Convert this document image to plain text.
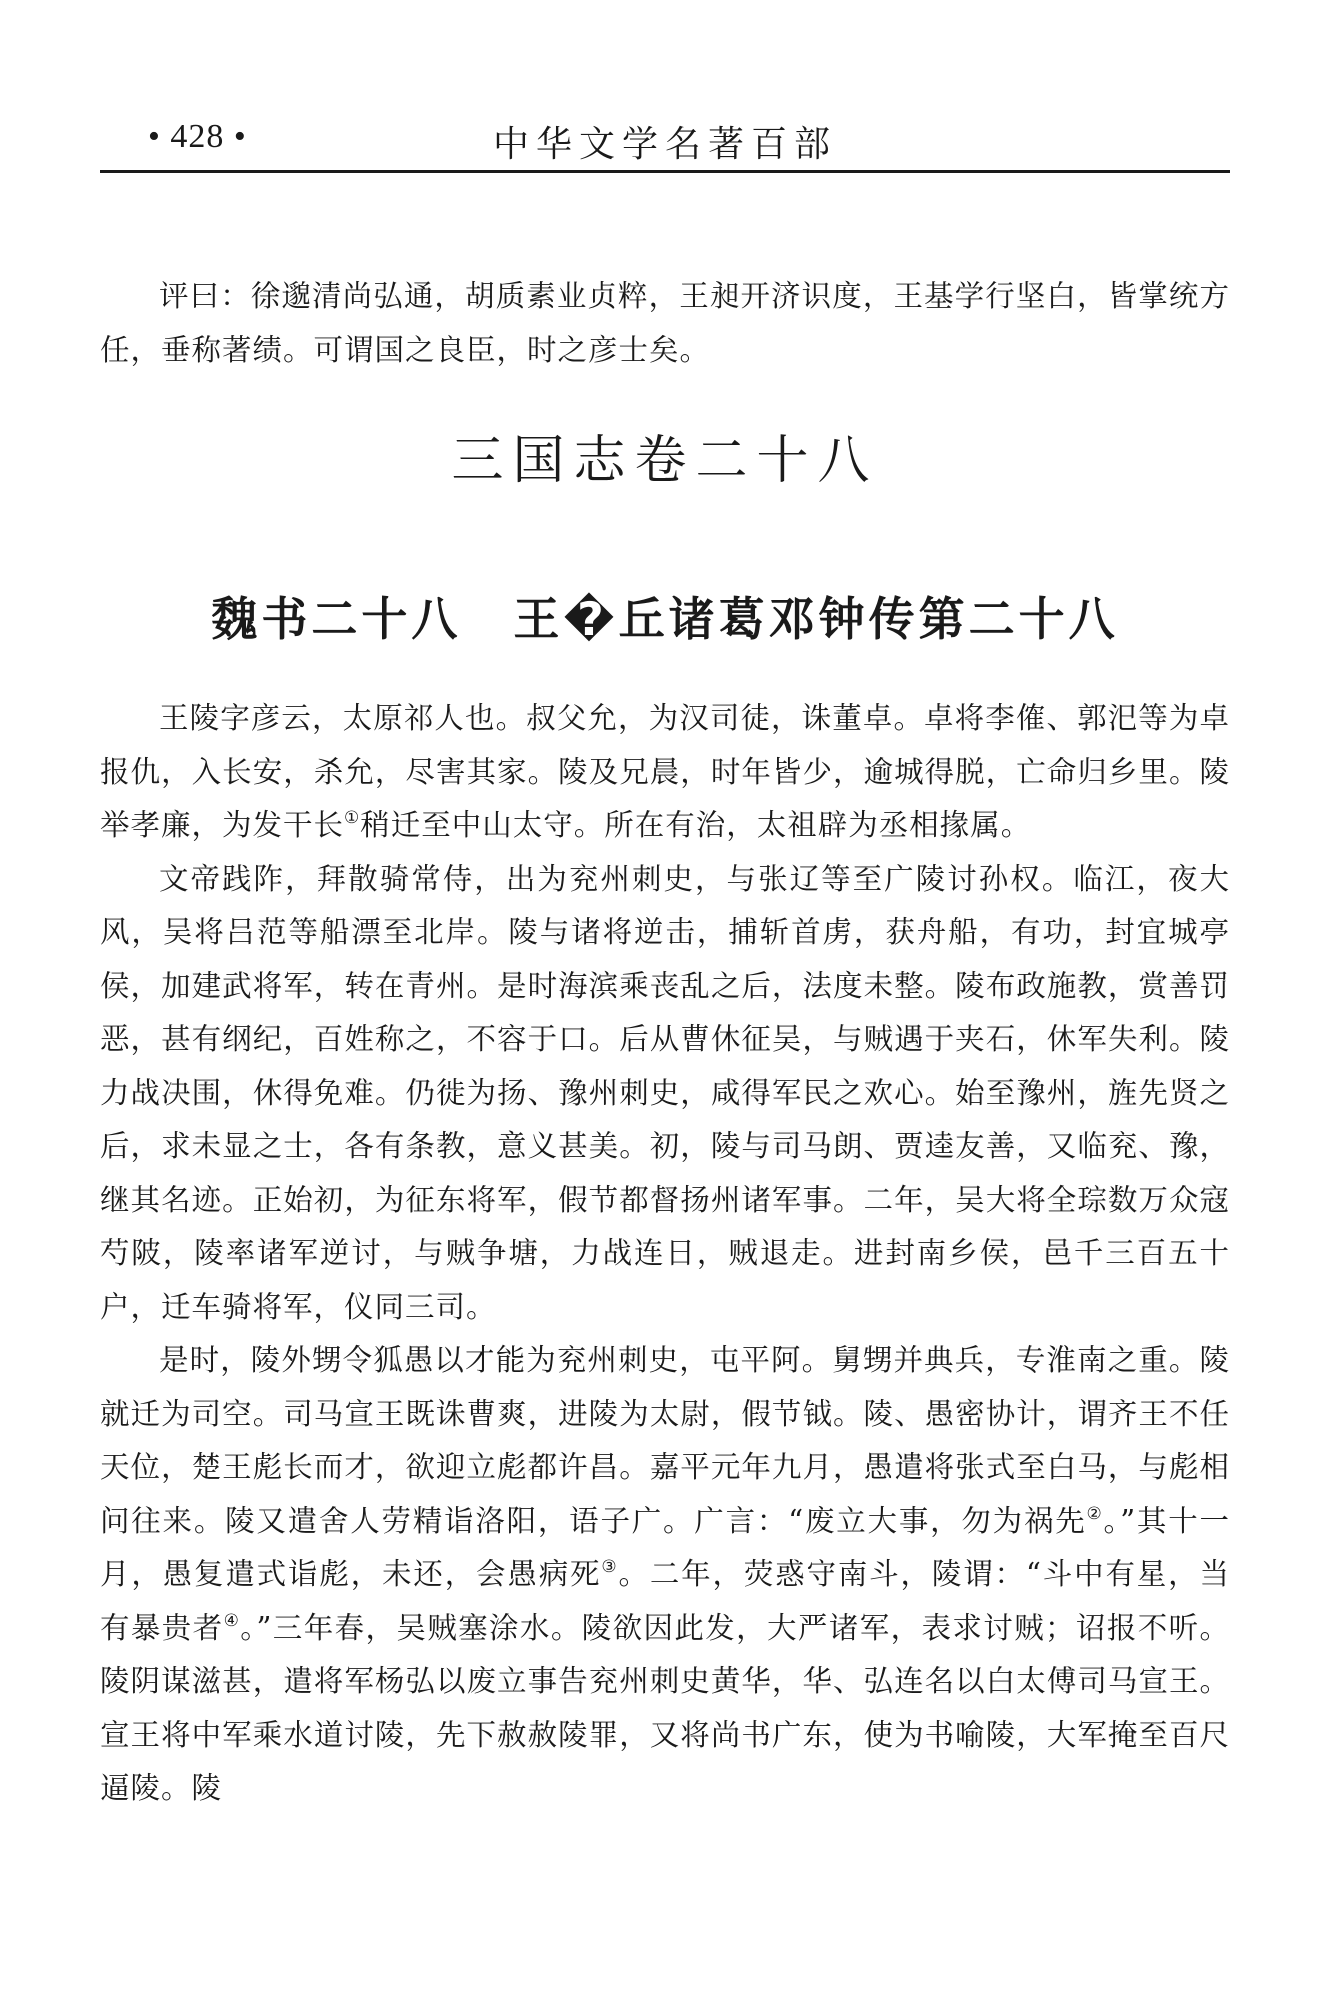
• 428 •	中华文学名著百部

评曰：徐邈清尚弘通，胡质素业贞粹，王昶开济识度，王基学行坚白，皆掌统方任，垂称著绩。可谓国之良臣，时之彦士矣。

三国志卷二十八
魏书二十八 王�丘诸葛邓钟传第二十八

王陵字彦云，太原祁人也。叔父允，为汉司徒，诛董卓。卓将李傕、郭汜等为卓报仇，入长安，杀允，尽害其家。陵及兄晨，时年皆少，逾城得脱，亡命归乡里。陵举孝廉，为发干长①稍迁至中山太守。所在有治，太祖辟为丞相掾属。

文帝践阼，拜散骑常侍，出为兖州刺史，与张辽等至广陵讨孙权。临江，夜大风，吴将吕范等船漂至北岸。陵与诸将逆击，捕斩首虏，获舟船，有功，封宜城亭侯，加建武将军，转在青州。是时海滨乘丧乱之后，法度未整。陵布政施教，赏善罚恶，甚有纲纪，百姓称之，不容于口。后从曹休征吴，与贼遇于夹石，休军失利。陵力战决围，休得免难。仍徙为扬、豫州刺史，咸得军民之欢心。始至豫州，旌先贤之后，求未显之士，各有条教，意义甚美。初，陵与司马朗、贾逵友善，又临兖、豫，继其名迹。正始初，为征东将军，假节都督扬州诸军事。二年，吴大将全琮数万众寇芍陂，陵率诸军逆讨，与贼争塘，力战连日，贼退走。进封南乡侯，邑千三百五十户，迁车骑将军，仪同三司。

是时，陵外甥令狐愚以才能为兖州刺史，屯平阿。舅甥并典兵，专淮南之重。陵就迁为司空。司马宣王既诛曹爽，进陵为太尉，假节钺。陵、愚密协计，谓齐王不任天位，楚王彪长而才，欲迎立彪都许昌。嘉平元年九月，愚遣将张式至白马，与彪相问往来。陵又遣舍人劳精诣洛阳，语子广。广言：“废立大事，勿为祸先②。”其十一月，愚复遣式诣彪，未还，会愚病死③。二年，荧惑守南斗，陵谓：“斗中有星，当有暴贵者④。”三年春，吴贼塞涂水。陵欲因此发，大严诸军，表求讨贼；诏报不听。陵阴谋滋甚，遣将军杨弘以废立事告兖州刺史黄华，华、弘连名以白太傅司马宣王。宣王将中军乘水道讨陵，先下赦赦陵罪，又将尚书广东，使为书喻陵，大军掩至百尺逼陵。陵
